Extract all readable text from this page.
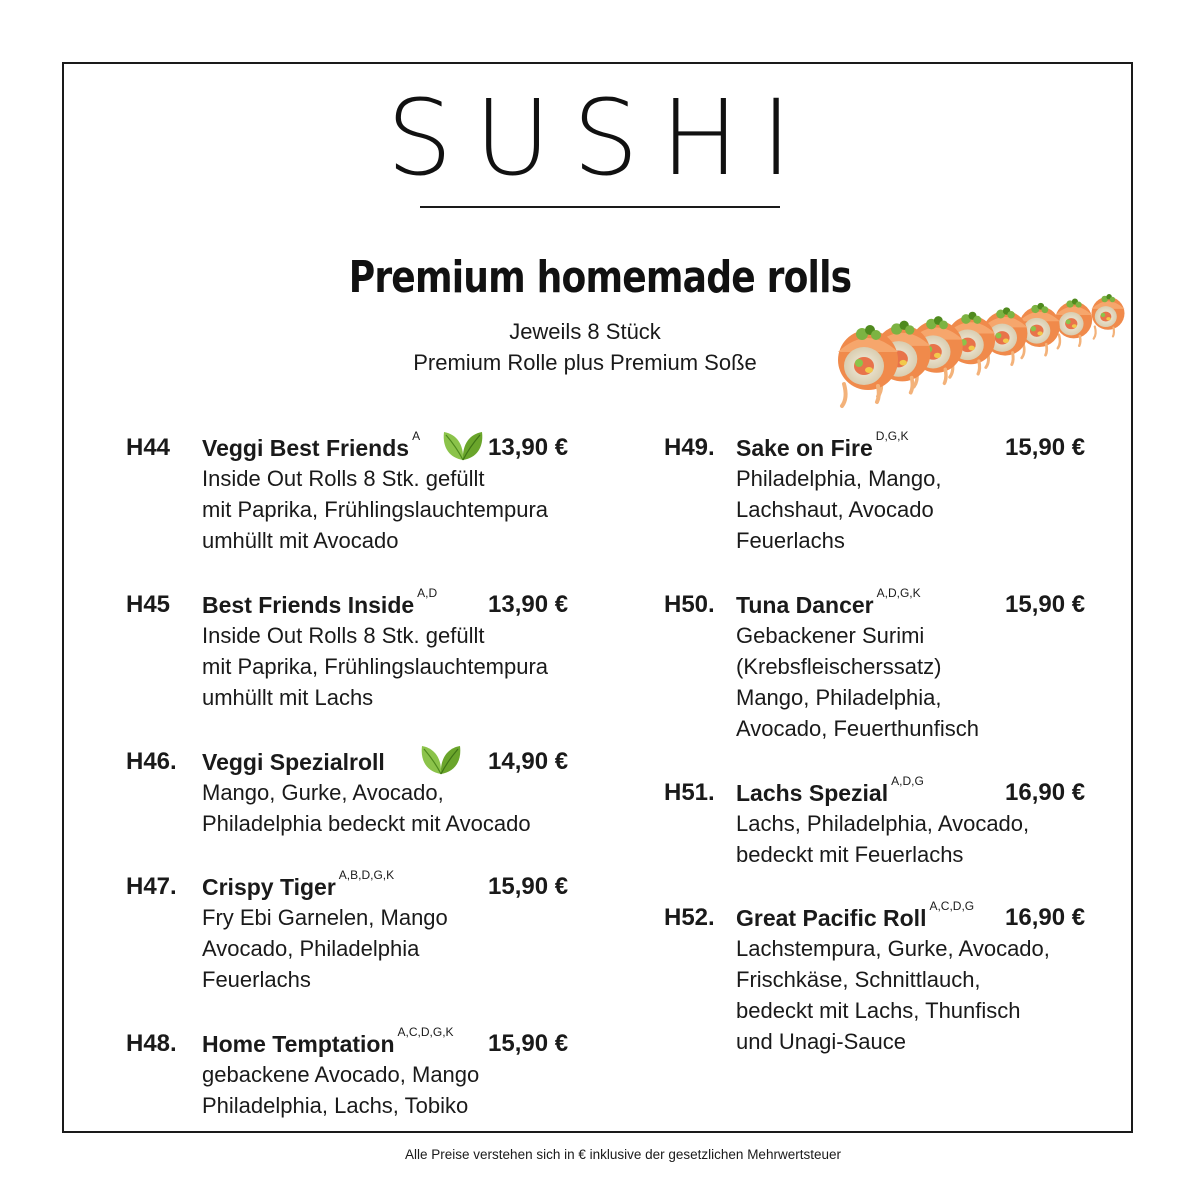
SUSHI
Premium homemade rolls
Jeweils 8 Stück
Premium Rolle plus Premium Soße
H44 Veggi Best Friends $^A$	13,90 €
Inside Out Rolls 8 Stk. gefüllt
mit Paprika, Frühlingslauchtempura
umhüllt mit Avocado
H45 Best Friends Inside $^{A,D}$ 13,90 €
Inside Out Rolls 8 Stk. gefüllt
mit Paprika, Frühlingslauchtempura
umhüllt mit Lachs
H46. Veggi Spezialroll	14,90 €
Mango, Gurke, Avocado,
Philadelphia bedeckt mit Avocado
H47. Crispy Tiger $^{A,B,D,G,K}$	15,90 €
Fry Ebi Garnelen, Mango
Avocado, Philadelphia
Feuerlachs
H48. Home Temptation $^{A,C,D,G,K}$ 15,90 €
gebackene Avocado, Mango
Philadelphia, Lachs, Tobiko
H49. Sake on Fire $^{D,G,K}$	15,90 €
Philadelphia, Mango,
Lachshaut, Avocado
Feuerlachs
H50. Tuna Dancer $^{A,D,G,K}$	15,90 €
Gebackener Surimi
(Krebsfleischerssatz)
Mango, Philadelphia,
Avocado, Feuerthunfisch
H51. Lachs Spezial $^{A,D,G}$	16,90 €
Lachs, Philadelphia, Avocado,
bedeckt mit Feuerlachs
H52. Great Pacific Roll $^{A,C,D,G}$ 16,90 €
Lachstempura, Gurke, Avocado,
Frischkäse, Schnittlauch,
bedeckt mit Lachs, Thunfisch
und Unagi-Sauce
Alle Preise verstehen sich in € inklusive der gesetzlichen Mehrwertsteuer
